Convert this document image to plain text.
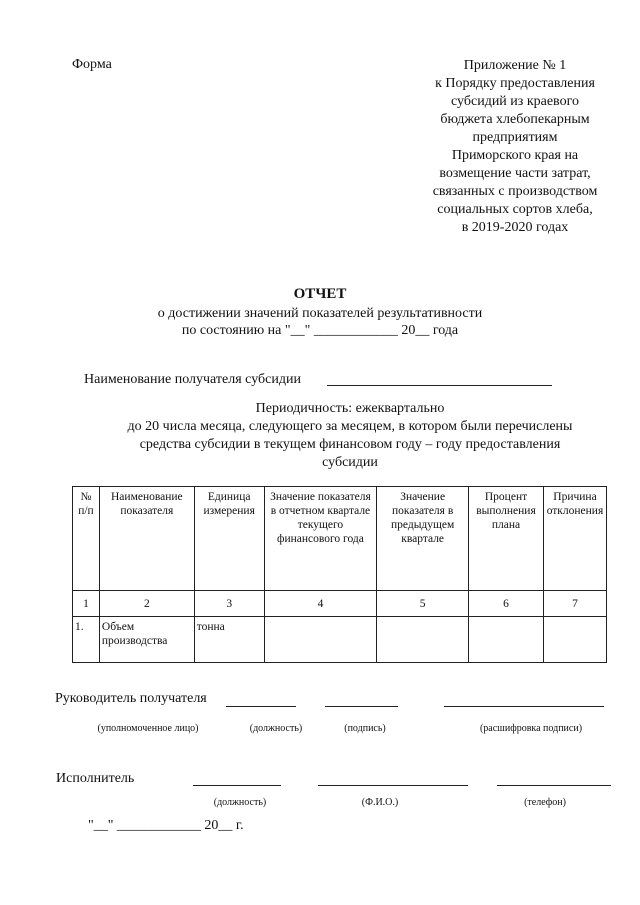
Форма	Приложение № 1
к Порядку предоставления
субсидий из краевого
бюджета хлебопекарным
предприятиям
Приморского края на
возмещение части затрат,
связанных с производством
социальных сортов хлеба,
в 2019-2020 годах
ОТЧЕТ
о достижении значений показателей результативности
по состоянию на "__" ____________ 20__ года
Наименование получателя субсидии
Периодичность: ежеквартально
до 20 числа месяца, следующего за месяцем, в котором были перечислены
средства субсидии в текущем финансовом году – году предоставления
субсидии
№ п/п	Наименование показателя	Единица измерения	Значение показателя в отчетном квартале текущего финансового года	Значение показателя в предыдущем квартале	Процент выполнения плана	Причина отклонения
1	2	3	4	5	6	7
1.	Объем производства	тонна				
Руководитель получателя
(уполномоченное лицо)	(должность)	(подпись)	(расшифровка подписи)
Исполнитель
(должность)	(Ф.И.О.)	(телефон)
"__" ____________ 20__ г.
